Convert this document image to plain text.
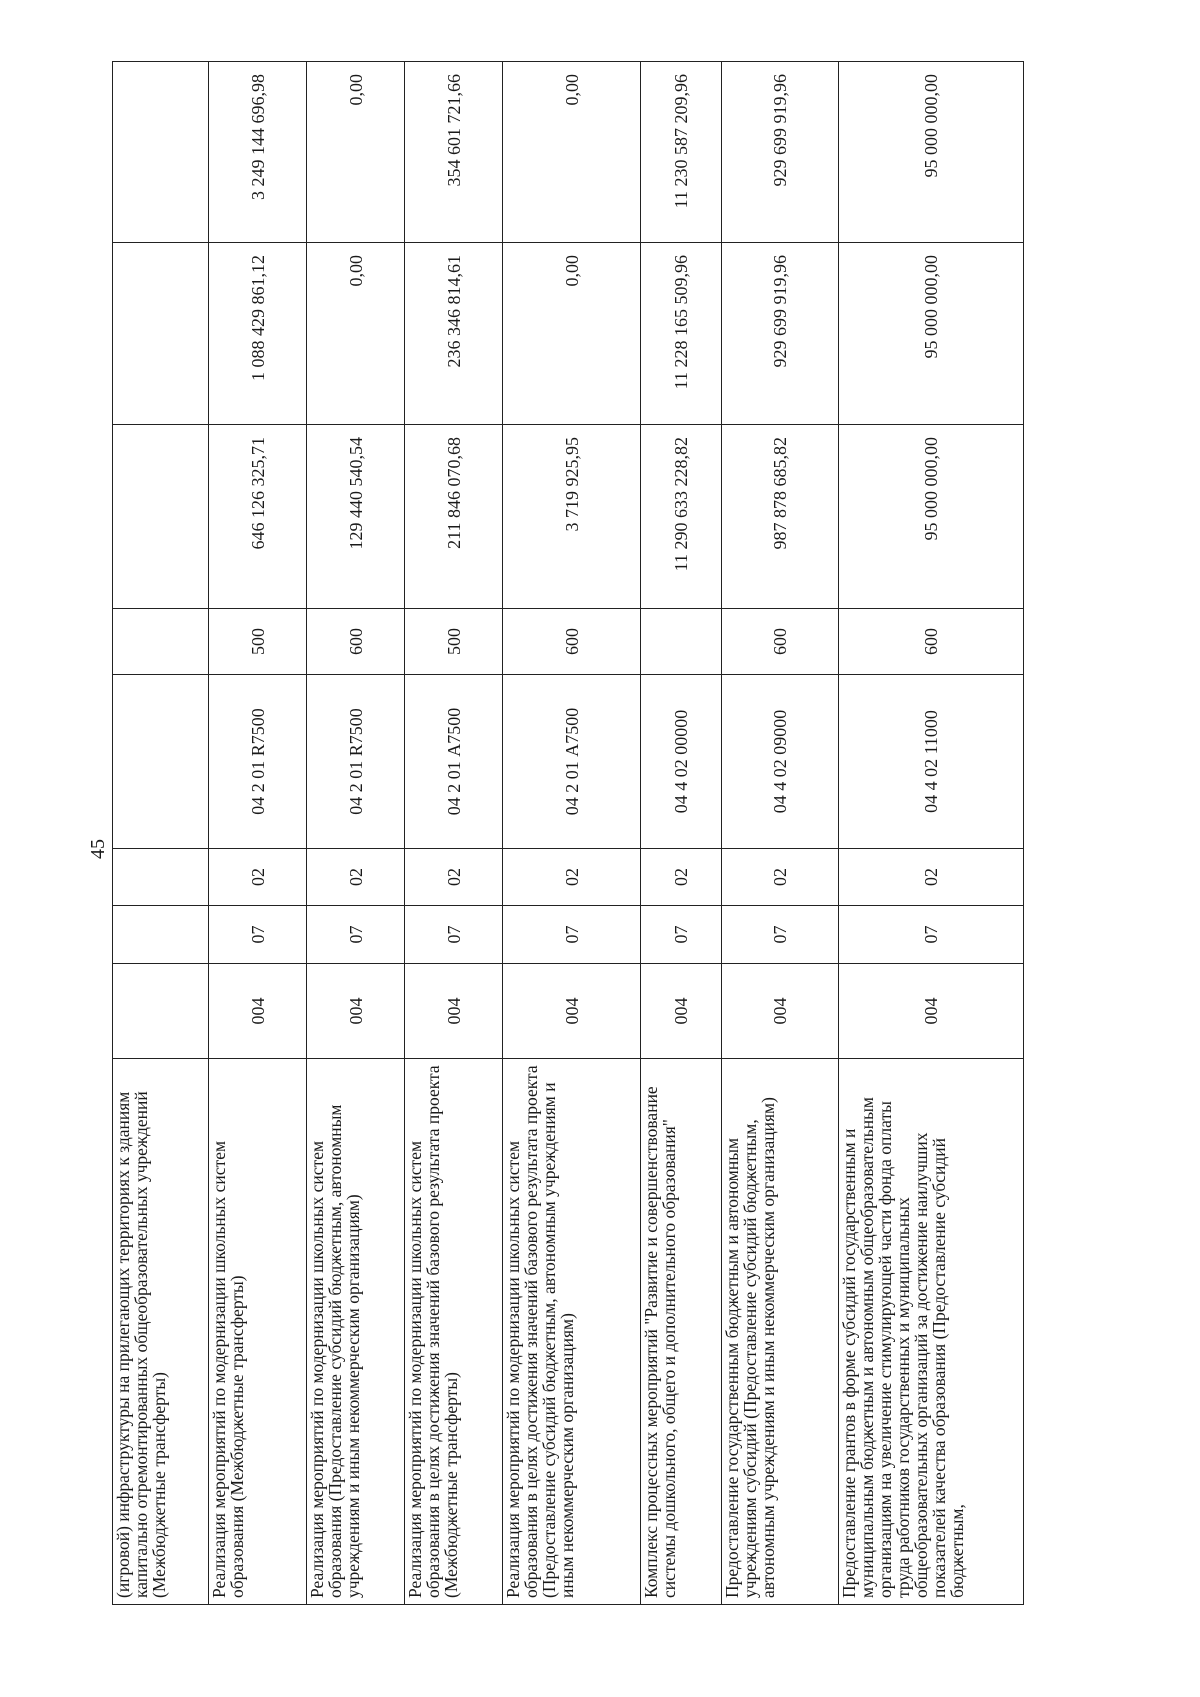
45
(игровой) инфраструктуры на прилегающих территориях к зданиям капитально отремонтированных общеобразовательных учреждений (Межбюджетные трансферты)								
Реализация мероприятий по модернизации школьных систем образования (Межбюджетные трансферты)	004	07	02	04 2 01 R7500	500	646 126 325,71	1 088 429 861,12	3 249 144 696,98
Реализация мероприятий по модернизации школьных систем образования (Предоставление субсидий бюджетным, автономным учреждениям и иным некоммерческим организациям)	004	07	02	04 2 01 R7500	600	129 440 540,54	0,00	0,00
Реализация мероприятий по модернизации школьных систем образования в целях достижения значений базового результата проекта (Межбюджетные трансферты)	004	07	02	04 2 01 А7500	500	211 846 070,68	236 346 814,61	354 601 721,66
Реализация мероприятий по модернизации школьных систем образования в целях достижения значений базового результата проекта (Предоставление субсидий бюджетным, автономным учреждениям и иным некоммерческим организациям)	004	07	02	04 2 01 А7500	600	3 719 925,95	0,00	0,00
Комплекс процессных мероприятий "Развитие и совершенствование системы дошкольного, общего и дополнительного образования"	004	07	02	04 4 02 00000		11 290 633 228,82	11 228 165 509,96	11 230 587 209,96
Предоставление государственным бюджетным и автономным учреждениям субсидий (Предоставление субсидий бюджетным, автономным учреждениям и иным некоммерческим организациям)	004	07	02	04 4 02 09000	600	987 878 685,82	929 699 919,96	929 699 919,96
Предоставление грантов в форме субсидий государственным и муниципальным бюджетным и автономным общеобразовательным организациям на увеличение стимулирующей части фонда оплаты труда работников государственных и муниципальных общеобразовательных организаций за достижение наилучших показателей качества образования (Предоставление субсидий бюджетным,	004	07	02	04 4 02 11000	600	95 000 000,00	95 000 000,00	95 000 000,00
